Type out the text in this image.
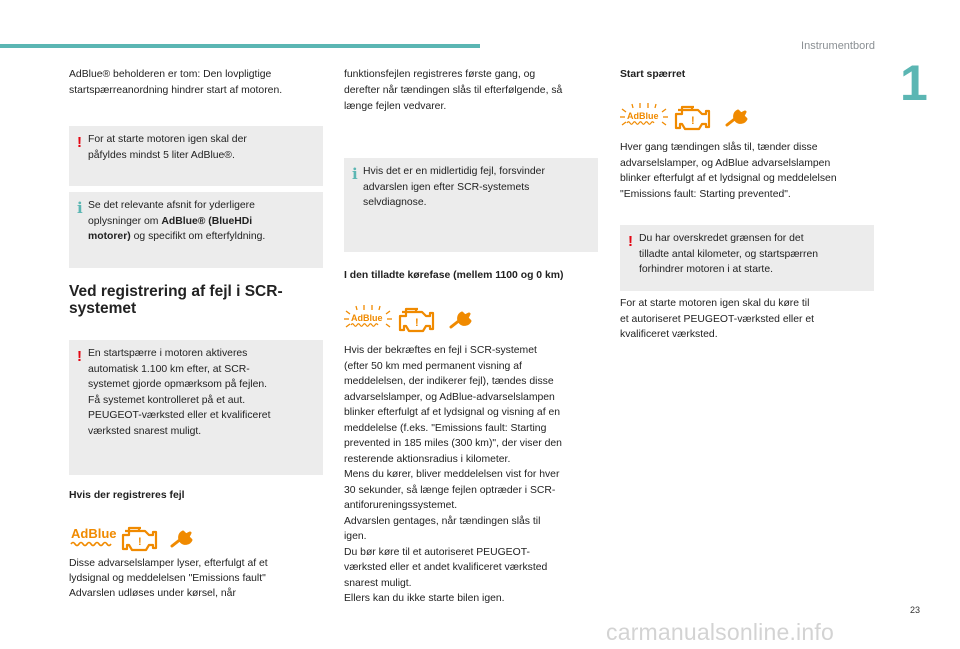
Instrumentbord
1

AdBlue® beholderen er tom: Den lovpligtige

startspærreanordning hindrer start af motoren.

! For at starte motoren igen skal der
påfyldes mindst 5 liter AdBlue®.
i Se det relevante afsnit for yderligere
oplysninger om AdBlue® (BlueHDi
motorer) og specifikt om efterfyldning.
Ved registrering af fejl i SCR-
systemet
! En startspærre i motoren aktiveres
automatisk 1.100 km efter, at SCR-
systemet gjorde opmærksom på fejlen.
Få systemet kontrolleret på et aut.
PEUGEOT-værksted eller et kvalificeret
værksted snarest muligt.

Hvis der registreres fejl

Disse advarselslamper lyser, efterfulgt af et

lydsignal og meddelelsen "Emissions fault"

Advarslen udløses under kørsel, når

funktionsfejlen registreres første gang, og

derefter når tændingen slås til efterfølgende, så

længe fejlen vedvarer.

i Hvis det er en midlertidig fejl, forsvinder
advarslen igen efter SCR-systemets
selvdiagnose.

I den tilladte kørefase (mellem 1100 og 0 km)

Hvis der bekræftes en fejl i SCR-systemet
(efter 50 km med permanent visning af
meddelelsen, der indikerer fejl), tændes disse
advarselslamper, og AdBlue-advarselslampen
blinker efterfulgt af et lydsignal og visning af en
meddelelse (f.eks. "Emissions fault: Starting
prevented in 185 miles (300 km)", der viser den
resterende aktionsradius i kilometer.
Mens du kører, bliver meddelelsen vist for hver
30 sekunder, så længe fejlen optræder i SCR-
antiforureningssystemet.
Advarslen gentages, når tændingen slås til
igen.
Du bør køre til et autoriseret PEUGEOT-
værksted eller et andet kvalificeret værksted
snarest muligt.
Ellers kan du ikke starte bilen igen.

Start spærret

Hver gang tændingen slås til, tænder disse
advarselslamper, og AdBlue advarselslampen
blinker efterfulgt af et lydsignal og meddelelsen
"Emissions fault: Starting prevented".
! Du har overskredet grænsen for det
tilladte antal kilometer, og startspærren
forhindrer motoren i at starte.
For at starte motoren igen skal du køre til
et autoriseret PEUGEOT-værksted eller et
kvalificeret værksted.
23
carmanualsonline.info
